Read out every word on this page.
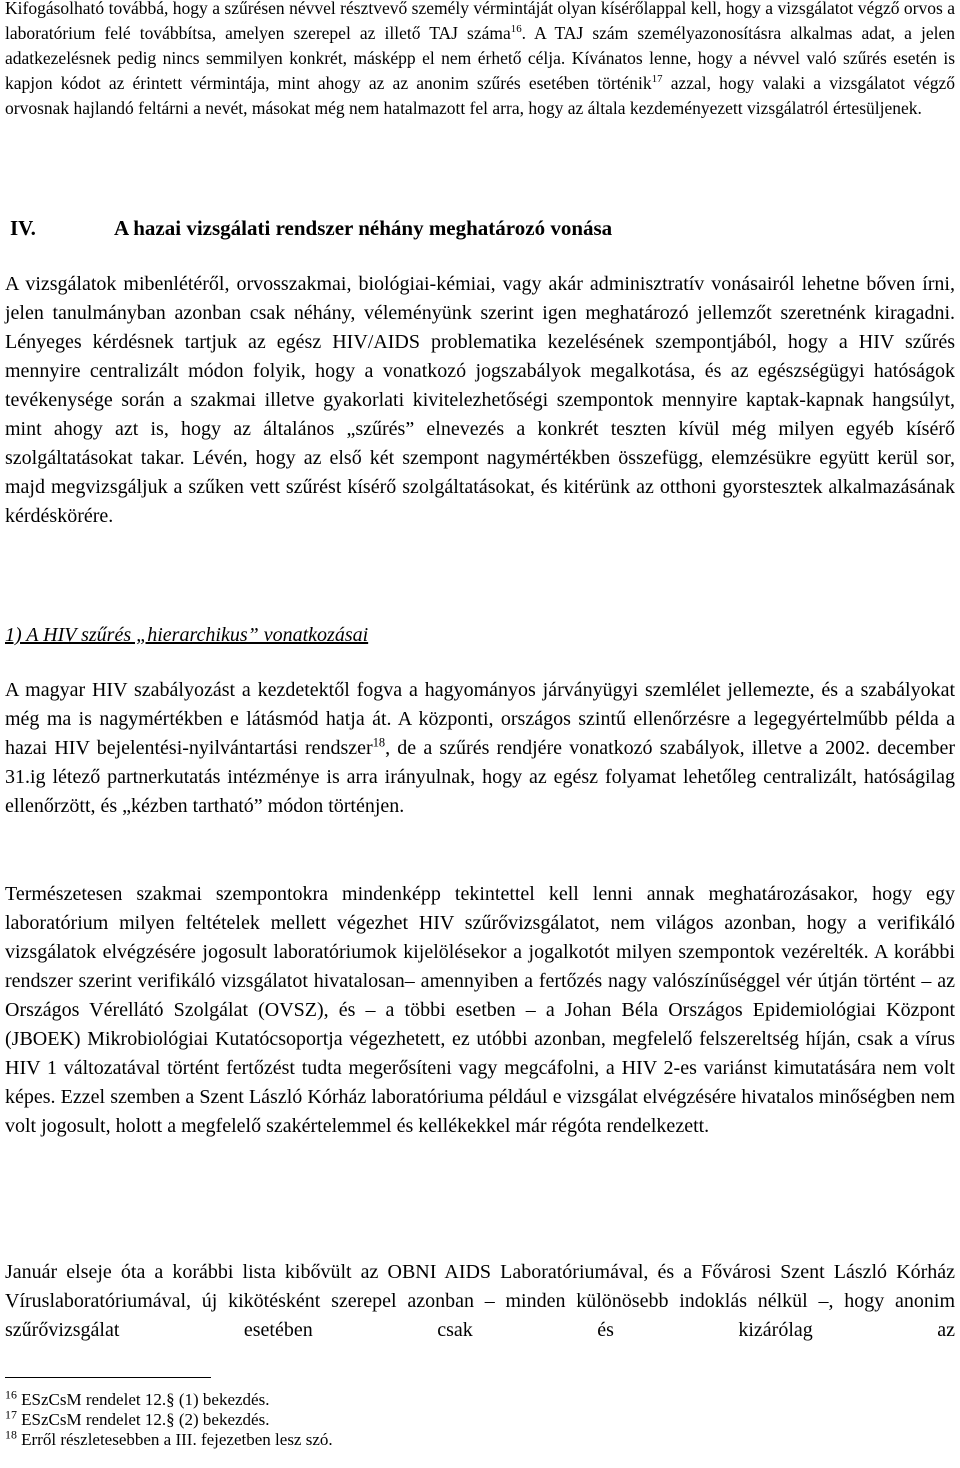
Kifogásolható továbbá, hogy a szűrésen névvel résztvevő személy vérmintáját olyan kísérőlappal kell, hogy a vizsgálatot végző orvos a laboratórium felé továbbítsa, amelyen szerepel az illető TAJ száma$^{16}$. A TAJ szám személyazonosításra alkalmas adat, a jelen adatkezelésnek pedig nincs semmilyen konkrét, másképp el nem érhető célja. Kívánatos lenne, hogy a névvel való szűrés esetén is kapjon kódot az érintett vérmintája, mint ahogy az az anonim szűrés esetében történik$^{17}$ azzal, hogy valaki a vizsgálatot végző orvosnak hajlandó feltárni a nevét, másokat még nem hatalmazott fel arra, hogy az általa kezdeményezett vizsgálatról értesüljenek.

IV.	A hazai vizsgálati rendszer néhány meghatározó vonása

A vizsgálatok mibenlétéről, orvosszakmai, biológiai-kémiai, vagy akár adminisztratív vonásairól lehetne bőven írni, jelen tanulmányban azonban csak néhány, véleményünk szerint igen meghatározó jellemzőt szeretnénk kiragadni. Lényeges kérdésnek tartjuk az egész HIV/AIDS problematika kezelésének szempontjából, hogy a HIV szűrés mennyire centralizált módon folyik, hogy a vonatkozó jogszabályok megalkotása, és az egészségügyi hatóságok tevékenysége során a szakmai illetve gyakorlati kivitelezhetőségi szempontok mennyire kaptak-kapnak hangsúlyt, mint ahogy azt is, hogy az általános „szűrés” elnevezés a konkrét teszten kívül még milyen egyéb kísérő szolgáltatásokat takar. Lévén, hogy az első két szempont nagymértékben összefügg, elemzésükre együtt kerül sor, majd megvizsgáljuk a szűken vett szűrést kísérő szolgáltatásokat, és kitérünk az otthoni gyorstesztek alkalmazásának kérdéskörére.

1) A HIV szűrés „hierarchikus” vonatkozásai

A magyar HIV szabályozást a kezdetektől fogva a hagyományos járványügyi szemlélet jellemezte, és a szabályokat még ma is nagymértékben e látásmód hatja át. A központi, országos szintű ellenőrzésre a legegyértelműbb példa a hazai HIV bejelentési-nyilvántartási rendszer$^{18}$, de a szűrés rendjére vonatkozó szabályok, illetve a 2002. december 31.ig létező partnerkutatás intézménye is arra irányulnak, hogy az egész folyamat lehetőleg centralizált, hatóságilag ellenőrzött, és „kézben tartható” módon történjen.

Természetesen szakmai szempontokra mindenképp tekintettel kell lenni annak meghatározásakor, hogy egy laboratórium milyen feltételek mellett végezhet HIV szűrővizsgálatot, nem világos azonban, hogy a verifikáló vizsgálatok elvégzésére jogosult laboratóriumok kijelölésekor a jogalkotót milyen szempontok vezérelték. A korábbi rendszer szerint verifikáló vizsgálatot hivatalosan– amennyiben a fertőzés nagy valószínűséggel vér útján történt – az Országos Vérellátó Szolgálat (OVSZ), és – a többi esetben – a Johan Béla Országos Epidemiológiai Központ (JBOEK) Mikrobiológiai Kutatócsoportja végezhetett, ez utóbbi azonban, megfelelő felszereltség híján, csak a vírus HIV 1 változatával történt fertőzést tudta megerősíteni vagy megcáfolni, a HIV 2-es variánst kimutatására nem volt képes. Ezzel szemben a Szent László Kórház laboratóriuma például e vizsgálat elvégzésére hivatalos minőségben nem volt jogosult, holott a megfelelő szakértelemmel és kellékekkel már régóta rendelkezett.

Január elseje óta a korábbi lista kibővült az OBNI AIDS Laboratóriumával, és a Fővárosi Szent László Kórház Víruslaboratóriumával, új kikötésként szerepel azonban – minden különösebb indoklás nélkül –, hogy anonim szűrővizsgálat esetében csak és kizárólag az

$^{16}$ ESzCsM rendelet 12.§ (1) bekezdés.

$^{17}$ ESzCsM rendelet 12.§ (2) bekezdés.

$^{18}$ Erről részletesebben a III. fejezetben lesz szó.
